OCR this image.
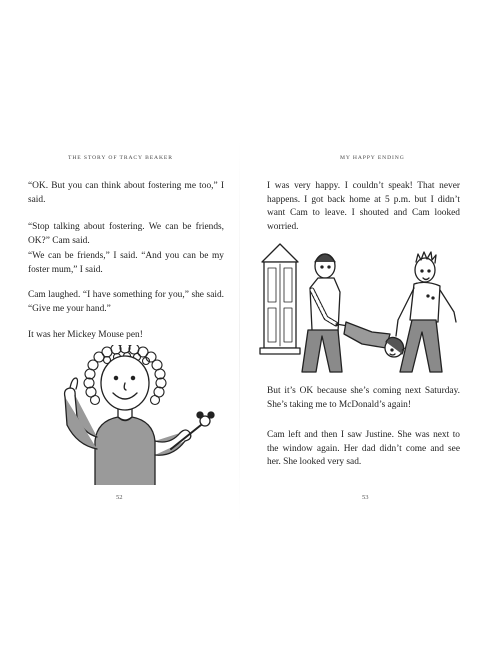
THE STORY OF TRACY BEAKER

“OK. But you can think about fostering me too,” I said.

“Stop talking about fostering. We can be friends, OK?” Cam said.

“We can be friends,” I said. “And you can be my foster mum,” I said.

Cam laughed. “I have something for you,” she said. “Give me your hand.”

It was her Mickey Mouse pen!

52
MY HAPPY ENDING

I was very happy. I couldn’t speak! That never happens. I got back home at 5 p.m. but I didn’t want Cam to leave. I shouted and Cam looked worried.

But it’s OK because she’s coming next Saturday. She’s taking me to McDonald’s again!

Cam left and then I saw Justine. She was next to the window again. Her dad didn’t come and see her. She looked very sad.

53
